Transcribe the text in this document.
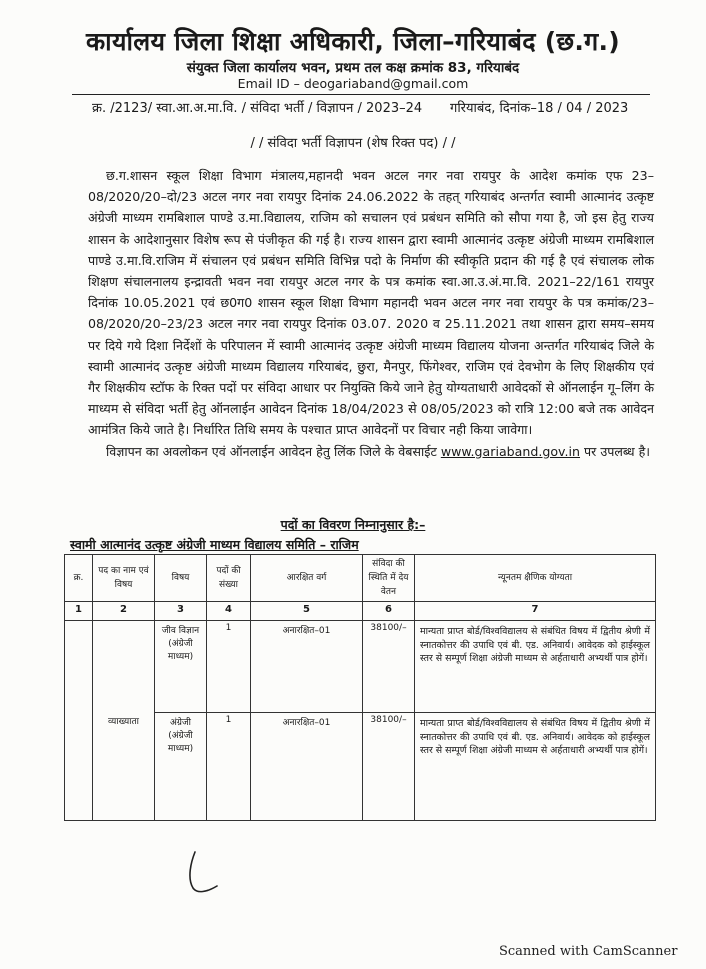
कार्यालय जिला शिक्षा अधिकारी, जिला–गरियाबंद (छ.ग.)
संयुक्त जिला कार्यालय भवन, प्रथम तल कक्ष क्रमांक 83, गरियाबंद
Email ID – deogariaband@gmail.com
क्र. /2123/ स्वा.आ.अ.मा.वि. / संविदा भर्ती / विज्ञापन / 2023–24 गरियाबंद, दिनांक–18 / 04 / 2023
/ / संविदा भर्ती विज्ञापन (शेष रिक्त पद) / /

छ.ग.शासन स्कूल शिक्षा विभाग मंत्रालय,महानदी भवन अटल नगर नवा रायपुर के आदेश कमांक एफ 23–08/2020/20–दो/23 अटल नगर नवा रायपुर दिनांक 24.06.2022 के तहत् गरियाबंद अन्तर्गत स्वामी आत्मानंद उत्कृष्ट अंग्रेजी माध्यम रामबिशाल पाण्डे उ.मा.विद्यालय, राजिम को सचालन एवं प्रबंधन समिति को सौपा गया है, जो इस हेतु राज्य शासन के आदेशानुसार विशेष रूप से पंजीकृत की गई है। राज्य शासन द्वारा स्वामी आत्मानंद उत्कृष्ट अंग्रेजी माध्यम रामबिशाल पाण्डे उ.मा.वि.राजिम में संचालन एवं प्रबंधन समिति विभिन्न पदो के निर्माण की स्वीकृति प्रदान की गई है एवं संचालक लोक शिक्षण संचालनालय इन्द्रावती भवन नवा रायपुर अटल नगर के पत्र कमांक स्वा.आ.उ.अं.मा.वि. 2021–22/161 रायपुर दिनांक 10.05.2021 एवं छ0ग0 शासन स्कूल शिक्षा विभाग महानदी भवन अटल नगर नवा रायपुर के पत्र कमांक/23–08/2020/20–23/23 अटल नगर नवा रायपुर दिनांक 03.07. 2020 व 25.11.2021 तथा शासन द्वारा समय–समय पर दिये गये दिशा निर्देशों के परिपालन में स्वामी आत्मानंद उत्कृष्ट अंग्रेजी माध्यम विद्यालय योजना अन्तर्गत गरियाबंद जिले के स्वामी आत्मानंद उत्कृष्ट अंग्रेजी माध्यम विद्यालय गरियाबंद, छुरा, मैनपुर, फिंगेश्वर, राजिम एवं देवभोग के लिए शिक्षकीय एवं गैर शिक्षकीय स्टॉफ के रिक्त पदों पर संविदा आधार पर नियुक्ति किये जाने हेतु योग्यताधारी आवेदकों से ऑनलाईन गू–लिंग के माध्यम से संविदा भर्ती हेतु ऑनलाईन आवेदन दिनांक 18/04/2023 से 08/05/2023 को रात्रि 12:00 बजे तक आवेदन आमंत्रित किये जाते है। निर्धारित तिथि समय के पश्चात प्राप्त आवेदनों पर विचार नही किया जावेगा।

विज्ञापन का अवलोकन एवं ऑनलाईन आवेदन हेतु लिंक जिले के वेबसाईट www.gariaband.gov.in पर उपलब्ध है।

पदों का विवरण निम्नानुसार है:–
स्वामी आत्मानंद उत्कृष्ट अंग्रेजी माध्यम विद्यालय समिति – राजिम
क्र.	पद का नाम एवं विषय	विषय	पदों की संख्या	आरक्षित वर्ग	संविदा की स्थिति में देय वेतन	न्यूनतम क्षैणिक योग्यता
1	2	3	4	5	6	7
	व्याख्याता	जीव विज्ञान (अंग्रेजी माध्यम)	1	अनारक्षित–01	38100/–	मान्यता प्राप्त बोर्ड/विश्वविद्यालय से संबंधित विषय में द्वितीय श्रेणी में स्नातकोत्तर की उपाधि एवं बी. एड. अनिवार्य। आवेदक को हाईस्कूल स्तर से सम्पूर्ण शिक्षा अंग्रेजी माध्यम से अर्हताधारी अभ्यर्थी पात्र होगें।
		अंग्रेजी (अंग्रेजी माध्यम)	1	अनारक्षित–01	38100/–	मान्यता प्राप्त बोर्ड/विश्वविद्यालय से संबंधित विषय में द्वितीय श्रेणी में स्नातकोत्तर की उपाधि एवं बी. एड. अनिवार्य। आवेदक को हाईस्कूल स्तर से सम्पूर्ण शिक्षा अंग्रेजी माध्यम से अर्हताधारी अभ्यर्थी पात्र होगें।
Scanned with CamScanner
